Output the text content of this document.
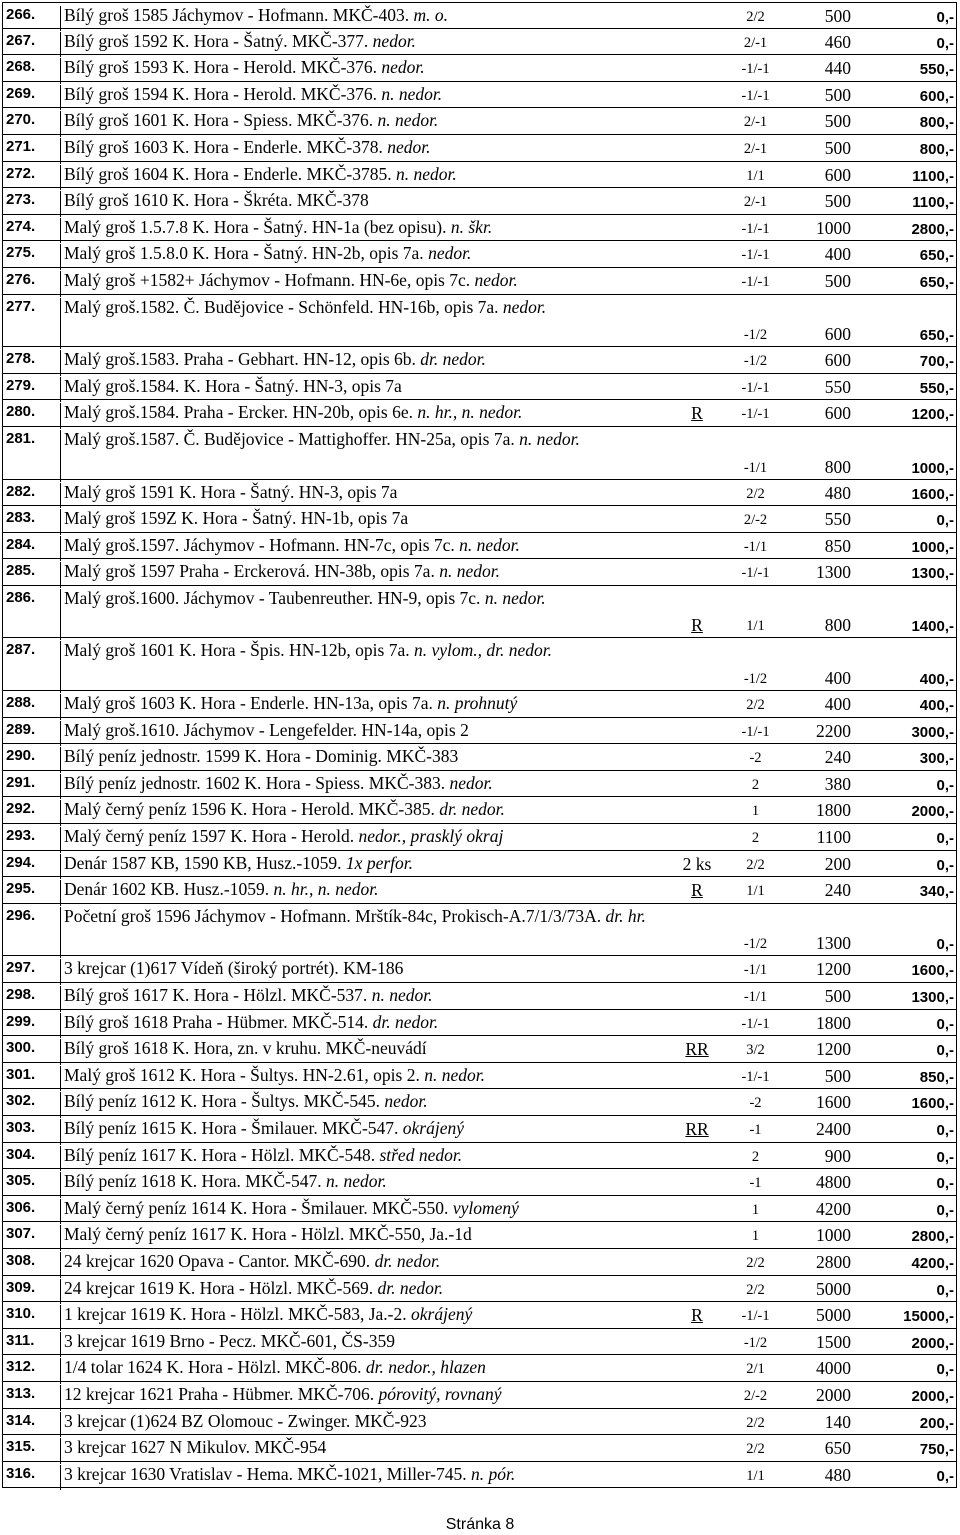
266.	Bílý groš 1585 Jáchymov - Hofmann. MKČ-403. m. o.	2/2	500	0,-
267.	Bílý groš 1592 K. Hora - Šatný. MKČ-377. nedor.	2/-1	460	0,-
268.	Bílý groš 1593 K. Hora - Herold. MKČ-376. nedor.	-1/-1	440	550,-
269.	Bílý groš 1594 K. Hora - Herold. MKČ-376. n. nedor.	-1/-1	500	600,-
270.	Bílý groš 1601 K. Hora - Spiess. MKČ-376. n. nedor.	2/-1	500	800,-
271.	Bílý groš 1603 K. Hora - Enderle. MKČ-378. nedor.	2/-1	500	800,-
272.	Bílý groš 1604 K. Hora - Enderle. MKČ-3785. n. nedor.	1/1	600	1100,-
273.	Bílý groš 1610 K. Hora - Škréta. MKČ-378	2/-1	500	1100,-
274.	Malý groš 1.5.7.8 K. Hora - Šatný. HN-1a (bez opisu). n. škr.	-1/-1	1000	2800,-
275.	Malý groš 1.5.8.0 K. Hora - Šatný. HN-2b, opis 7a. nedor.	-1/-1	400	650,-
276.	Malý groš +1582+ Jáchymov - Hofmann. HN-6e, opis 7c. nedor.	-1/-1	500	650,-
277.	Malý groš.1582. Č. Budějovice - Schönfeld. HN-16b, opis 7a. nedor.
-1/2	600	650,-
278.	Malý groš.1583. Praha - Gebhart. HN-12, opis 6b. dr. nedor.	-1/2	600	700,-
279.	Malý groš.1584. K. Hora - Šatný. HN-3, opis 7a	-1/-1	550	550,-
280.	Malý groš.1584. Praha - Ercker. HN-20b, opis 6e. n. hr., n. nedor.	R	-1/-1	600	1200,-
281.	Malý groš.1587. Č. Budějovice - Mattighoffer. HN-25a, opis 7a. n. nedor.
-1/1	800	1000,-
282.	Malý groš 1591 K. Hora - Šatný. HN-3, opis 7a	2/2	480	1600,-
283.	Malý groš 159Z K. Hora - Šatný. HN-1b, opis 7a	2/-2	550	0,-
284.	Malý groš.1597. Jáchymov - Hofmann. HN-7c, opis 7c. n. nedor.	-1/1	850	1000,-
285.	Malý groš 1597 Praha - Erckerová. HN-38b, opis 7a. n. nedor.	-1/-1	1300	1300,-
286.	Malý groš.1600. Jáchymov - Taubenreuther. HN-9, opis 7c. n. nedor.
R	1/1	800	1400,-
287.	Malý groš 1601 K. Hora - Špis. HN-12b, opis 7a. n. vylom., dr. nedor.
-1/2	400	400,-
288.	Malý groš 1603 K. Hora - Enderle. HN-13a, opis 7a. n. prohnutý	2/2	400	400,-
289.	Malý groš.1610. Jáchymov - Lengefelder. HN-14a, opis 2	-1/-1	2200	3000,-
290.	Bílý peníz jednostr. 1599 K. Hora - Dominig. MKČ-383	-2	240	300,-
291.	Bílý peníz jednostr. 1602 K. Hora - Spiess. MKČ-383. nedor.	2	380	0,-
292.	Malý černý peníz 1596 K. Hora - Herold. MKČ-385. dr. nedor.	1	1800	2000,-
293.	Malý černý peníz 1597 K. Hora - Herold. nedor., prasklý okraj	2	1100	0,-
294.	Denár 1587 KB, 1590 KB, Husz.-1059. 1x perfor.	2 ks	2/2	200	0,-
295.	Denár 1602 KB. Husz.-1059. n. hr., n. nedor.	R	1/1	240	340,-
296.	Početní groš 1596 Jáchymov - Hofmann. Mrštík-84c, Prokisch-A.7/1/3/73A. dr. hr.
-1/2	1300	0,-
297.	3 krejcar (1)617 Vídeň (široký portrét). KM-186	-1/1	1200	1600,-
298.	Bílý groš 1617 K. Hora - Hölzl. MKČ-537. n. nedor.	-1/1	500	1300,-
299.	Bílý groš 1618 Praha - Hübmer. MKČ-514. dr. nedor.	-1/-1	1800	0,-
300.	Bílý groš 1618 K. Hora, zn. v kruhu. MKČ-neuvádí	RR	3/2	1200	0,-
301.	Malý groš 1612 K. Hora - Šultys. HN-2.61, opis 2. n. nedor.	-1/-1	500	850,-
302.	Bílý peníz 1612 K. Hora - Šultys. MKČ-545. nedor.	-2	1600	1600,-
303.	Bílý peníz 1615 K. Hora - Šmilauer. MKČ-547. okrájený	RR	-1	2400	0,-
304.	Bílý peníz 1617 K. Hora - Hölzl. MKČ-548. střed nedor.	2	900	0,-
305.	Bílý peníz 1618 K. Hora. MKČ-547. n. nedor.	-1	4800	0,-
306.	Malý černý peníz 1614 K. Hora - Šmilauer. MKČ-550. vylomený	1	4200	0,-
307.	Malý černý peníz 1617 K. Hora - Hölzl. MKČ-550, Ja.-1d	1	1000	2800,-
308.	24 krejcar 1620 Opava - Cantor. MKČ-690. dr. nedor.	2/2	2800	4200,-
309.	24 krejcar 1619 K. Hora - Hölzl. MKČ-569. dr. nedor.	2/2	5000	0,-
310.	1 krejcar 1619 K. Hora - Hölzl. MKČ-583, Ja.-2. okrájený	R	-1/-1	5000	15000,-
311.	3 krejcar 1619 Brno - Pecz. MKČ-601, ČS-359	-1/2	1500	2000,-
312.	1/4 tolar 1624 K. Hora - Hölzl. MKČ-806. dr. nedor., hlazen	2/1	4000	0,-
313.	12 krejcar 1621 Praha - Hübmer. MKČ-706. pórovitý, rovnaný	2/-2	2000	2000,-
314.	3 krejcar (1)624 BZ Olomouc - Zwinger. MKČ-923	2/2	140	200,-
315.	3 krejcar 1627 N Mikulov. MKČ-954	2/2	650	750,-
316.	3 krejcar 1630 Vratislav - Hema. MKČ-1021, Miller-745. n. pór.	1/1	480	0,-
Stránka 8
